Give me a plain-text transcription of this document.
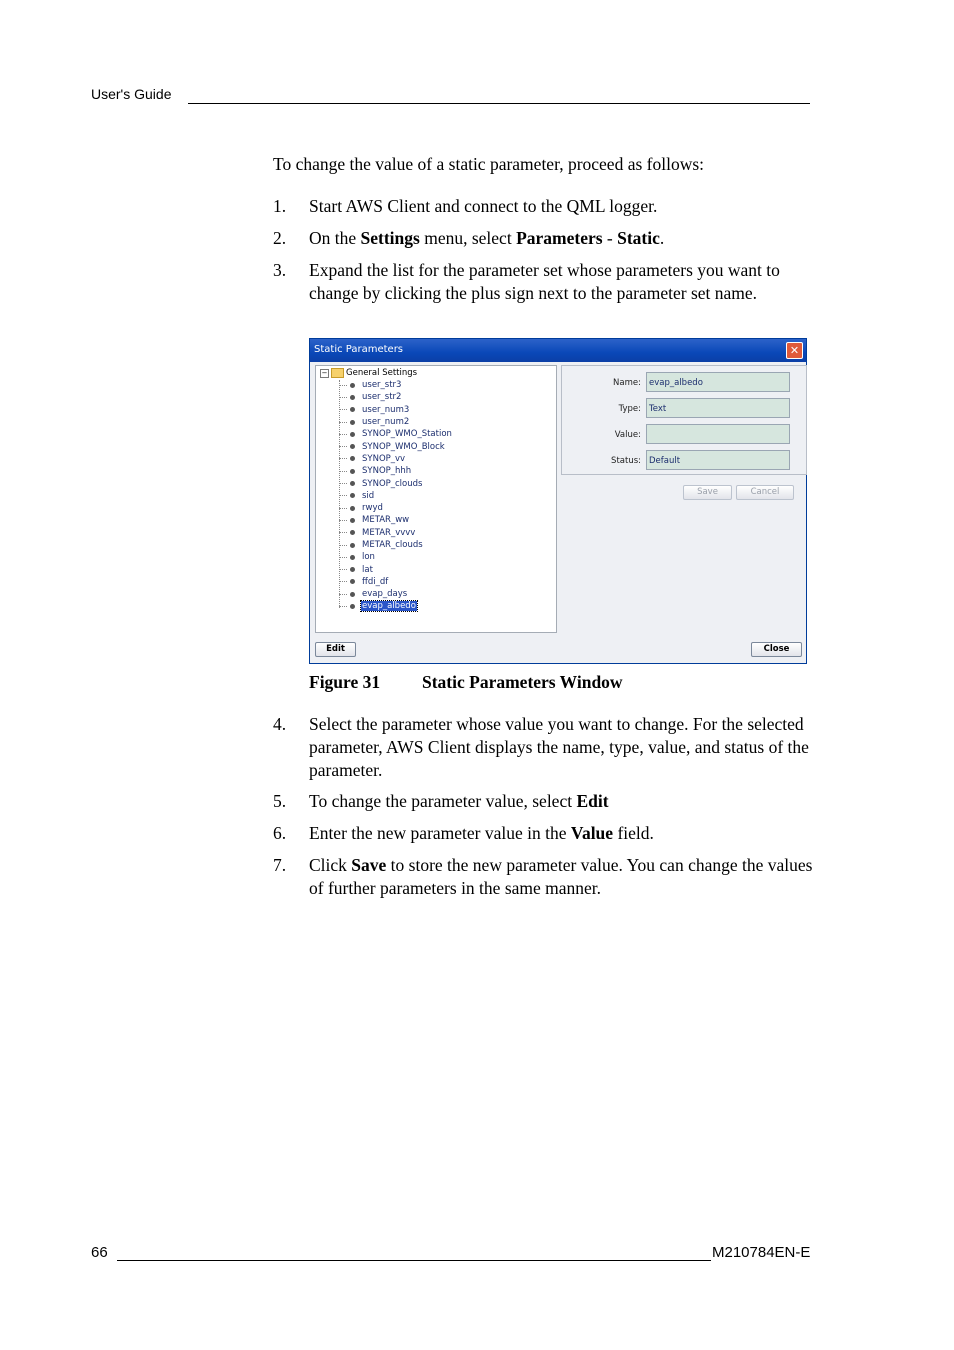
User's Guide
To change the value of a static parameter, proceed as follows:
1. Start AWS Client and connect to the QML logger.
2. On the Settings menu, select Parameters - Static.
3. Expand the list for the parameter set whose parameters you want to change by clicking the plus sign next to the parameter set name.
Static Parameters	✕
− General Settings
user_str3
user_str2
user_num3
user_num2
SYNOP_WMO_Station
SYNOP_WMO_Block
SYNOP_vv
SYNOP_hhh
SYNOP_clouds
sid
rwyd
METAR_ww
METAR_vvvv
METAR_clouds
lon
lat
ffdi_df
evap_days
evap_albedo
Name: evap_albedo
Type: Text
Value:
Status: Default
Save	Cancel
Edit	Close
Figure 31 Static Parameters Window
4. Select the parameter whose value you want to change. For the selected parameter, AWS Client displays the name, type, value, and status of the parameter.
5. To change the parameter value, select Edit
6. Enter the new parameter value in the Value field.
7. Click Save to store the new parameter value. You can change the values of further parameters in the same manner.
66	M210784EN-E
